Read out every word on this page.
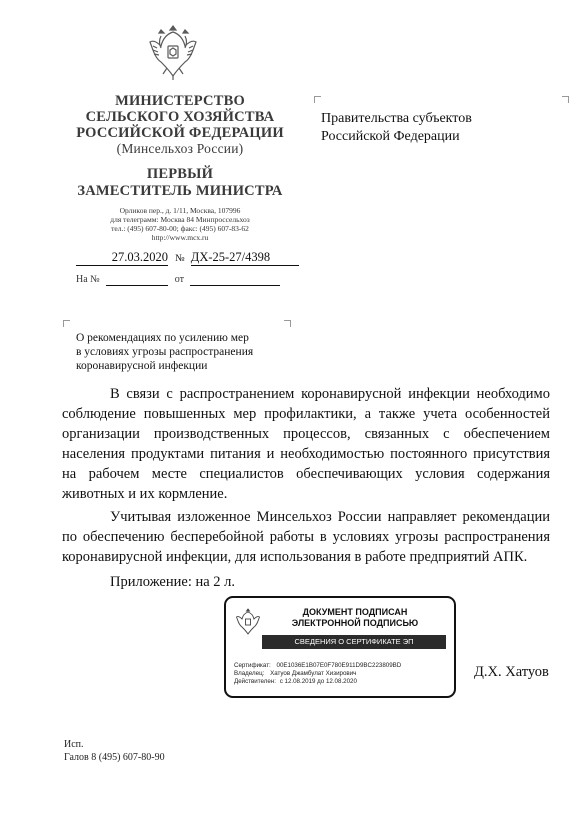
МИНИСТЕРСТВО
СЕЛЬСКОГО ХОЗЯЙСТВА
РОССИЙСКОЙ ФЕДЕРАЦИИ
(Минсельхоз России)
ПЕРВЫЙ
ЗАМЕСТИТЕЛЬ МИНИСТРА
Орликов пер., д. 1/11, Москва, 107996
для телеграмм: Москва 84 Минпроссельхоз
тел.: (495) 607-80-00; факс: (495) 607-83-62
http://www.mcx.ru
27.03.2020 № ДХ-25-27/4398
На №	от
Правительства субъектов
Российской Федерации
О рекомендациях по усилению мер
в условиях угрозы распространения
коронавирусной инфекции

В связи с распространением коронавирусной инфекции необходимо соблюдение повышенных мер профилактики, а также учета особенностей организации производственных процессов, связанных с обеспечением населения продуктами питания и необходимостью постоянного присутствия на рабочем месте специалистов обеспечивающих условия содержания животных и их кормление.

Учитывая изложенное Минсельхоз России направляет рекомендации по обеспечению бесперебойной работы в условиях угрозы распространения коронавирусной инфекции, для использования в работе предприятий АПК.

Приложение: на 2 л.
ДОКУМЕНТ ПОДПИСАН
ЭЛЕКТРОННОЙ ПОДПИСЬЮ
СВЕДЕНИЯ О СЕРТИФИКАТЕ ЭП
Сертификат: 00E1036E1B07E0F780E911D9BC223809BD
Владелец: Хатуов Джамбулат Хизирович
Действителен: с 12.08.2019 до 12.08.2020
Д.Х. Хатуов
Исп.
Галов 8 (495) 607-80-90
